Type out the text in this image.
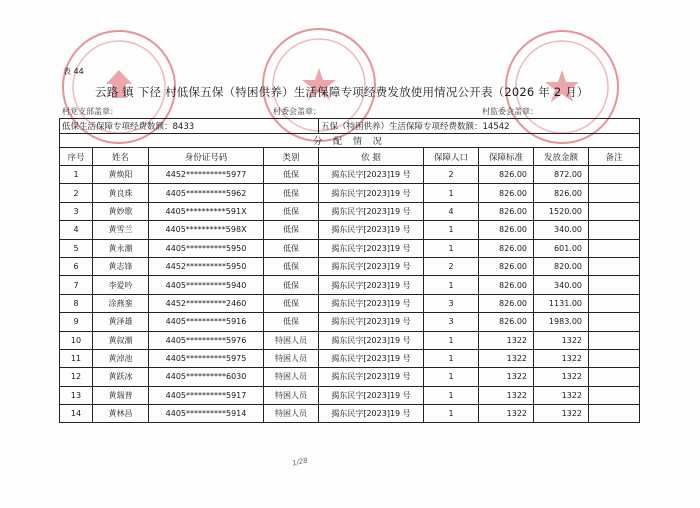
表 44
云路 镇 下径 村低保五保（特困供养）生活保障专项经费发放使用情况公开表（2026 年 2 月）
村党支部盖章：	村委会盖章：	村监委会盖章：
低保生活保障专项经费数额：8433				五保（特困供养）生活保障专项经费数额：14542				
分 配 情 况								
序号	姓名	身份证号码	类别	依 据	保障人口	保障标准	发放金额	备注
1	黄焕阳	4452**********5977	低保	揭东民字[2023]19 号	2	826.00	872.00	
2	黄良珠	4405**********5962	低保	揭东民字[2023]19 号	1	826.00	826.00	
3	黄妙歌	4405**********591X	低保	揭东民字[2023]19 号	4	826.00	1520.00	
4	黄雪兰	4405**********598X	低保	揭东民字[2023]19 号	1	826.00	340.00	
5	黄永潮	4405**********5950	低保	揭东民字[2023]19 号	1	826.00	601.00	
6	黄志锋	4452**********5950	低保	揭东民字[2023]19 号	2	826.00	820.00	
7	李爱吟	4405**********5940	低保	揭东民字[2023]19 号	1	826.00	340.00	
8	涂燕銮	4452**********2460	低保	揭东民字[2023]19 号	3	826.00	1131.00	
9	黄泽雄	4405**********5916	低保	揭东民字[2023]19 号	3	826.00	1983.00	
10	黄叙潮	4405**********5976	特困人员	揭东民字[2023]19 号	1	1322	1322	
11	黄淖池	4405**********5975	特困人员	揭东民字[2023]19 号	1	1322	1322	
12	黄跃冰	4405**********6030	特困人员	揭东民字[2023]19 号	1	1322	1322	
13	黄瑞普	4405**********5917	特困人员	揭东民字[2023]19 号	1	1322	1322	
14	黄林昌	4405**********5914	特困人员	揭东民字[2023]19 号	1	1322	1322	
1/28
